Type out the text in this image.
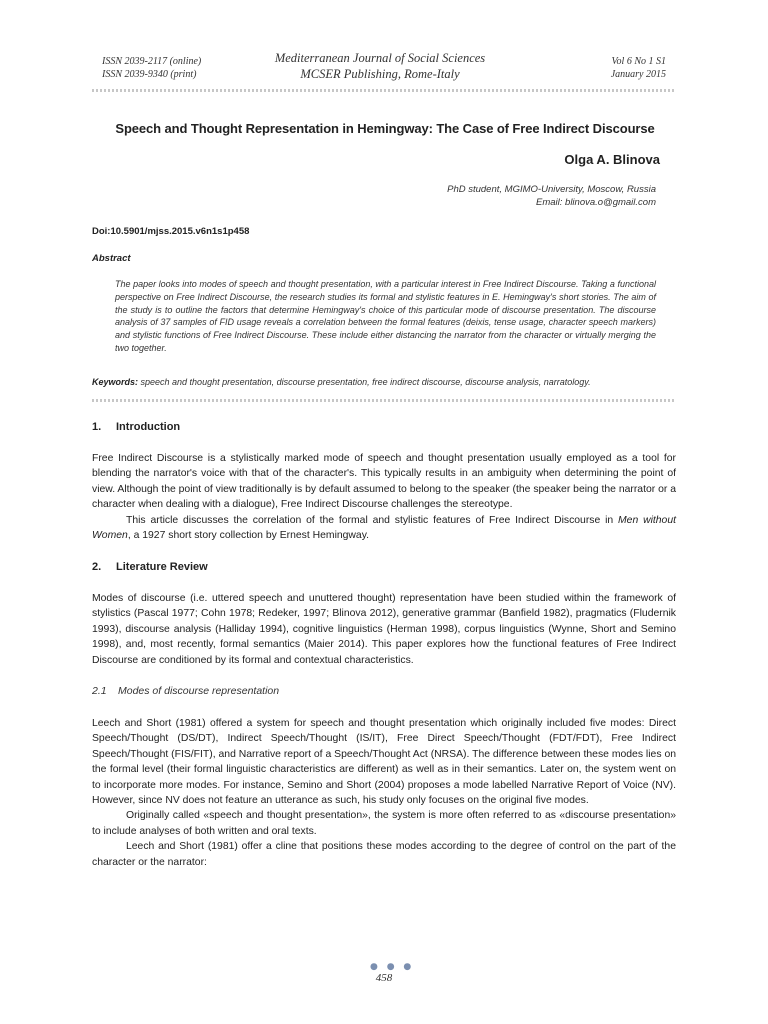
ISSN 2039-2117 (online)
ISSN 2039-9340 (print)
Mediterranean Journal of Social Sciences
MCSER Publishing, Rome-Italy
Vol 6 No 1 S1
January 2015
Speech and Thought Representation in Hemingway: The Case of Free Indirect Discourse
Olga A. Blinova
PhD student, MGIMO-University, Moscow, Russia
Email: blinova.o@gmail.com
Doi:10.5901/mjss.2015.v6n1s1p458
Abstract
The paper looks into modes of speech and thought presentation, with a particular interest in Free Indirect Discourse. Taking a functional perspective on Free Indirect Discourse, the research studies its formal and stylistic features in E. Hemingway's short stories. The aim of the study is to outline the factors that determine Hemingway's choice of this particular mode of discourse presentation. The discourse analysis of 37 samples of FID usage reveals a correlation between the formal features (deixis, tense usage, character speech markers) and stylistic functions of Free Indirect Discourse. These include either distancing the narrator from the character or virtually merging the two together.
Keywords: speech and thought presentation, discourse presentation, free indirect discourse, discourse analysis, narratology.
1. Introduction

Free Indirect Discourse is a stylistically marked mode of speech and thought presentation usually employed as a tool for blending the narrator's voice with that of the character's. This typically results in an ambiguity when determining the point of view. Although the point of view traditionally is by default assumed to belong to the speaker (the speaker being the narrator or a character when dealing with a dialogue), Free Indirect Discourse challenges the stereotype.

This article discusses the correlation of the formal and stylistic features of Free Indirect Discourse in Men without Women, a 1927 short story collection by Ernest Hemingway.

2. Literature Review

Modes of discourse (i.e. uttered speech and unuttered thought) representation have been studied within the framework of stylistics (Pascal 1977; Cohn 1978; Redeker, 1997; Blinova 2012), generative grammar (Banfield 1982), pragmatics (Fludernik 1993), discourse analysis (Halliday 1994), cognitive linguistics (Herman 1998), corpus linguistics (Wynne, Short and Semino 1998), and, most recently, formal semantics (Maier 2014). This paper explores how the functional features of Free Indirect Discourse are conditioned by its formal and contextual characteristics.

2.1 Modes of discourse representation

Leech and Short (1981) offered a system for speech and thought presentation which originally included five modes: Direct Speech/Thought (DS/DT), Indirect Speech/Thought (IS/IT), Free Direct Speech/Thought (FDT/FDT), Free Indirect Speech/Thought (FIS/FIT), and Narrative report of a Speech/Thought Act (NRSA). The difference between these modes lies on the formal level (their formal linguistic characteristics are different) as well as in their semantics. Later on, the system went on to incorporate more modes. For instance, Semino and Short (2004) proposes a mode labelled Narrative Report of Voice (NV). However, since NV does not feature an utterance as such, his study only focuses on the original five modes.

Originally called «speech and thought presentation», the system is more often referred to as «discourse presentation» to include analyses of both written and oral texts.

Leech and Short (1981) offer a cline that positions these modes according to the degree of control on the part of the character or the narrator:

● ● ●
458
